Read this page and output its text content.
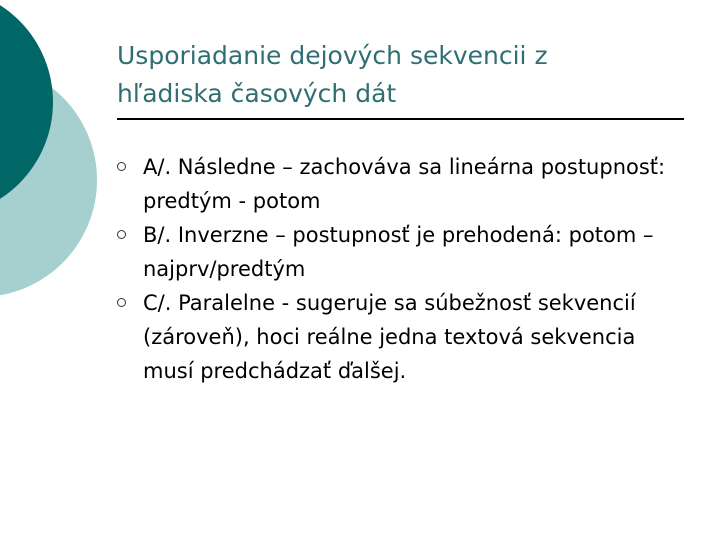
Usporiadanie dejových sekvencii z
hľadiska časových dát
A/. Následne – zachováva sa lineárna postupnosť: predtým - potom
B/. Inverzne – postupnosť je prehodená: potom – najprv/predtým
C/. Paralelne - sugeruje sa súbežnosť sekvencií (zároveň), hoci reálne jedna textová sekvencia musí predchádzať ďalšej.
